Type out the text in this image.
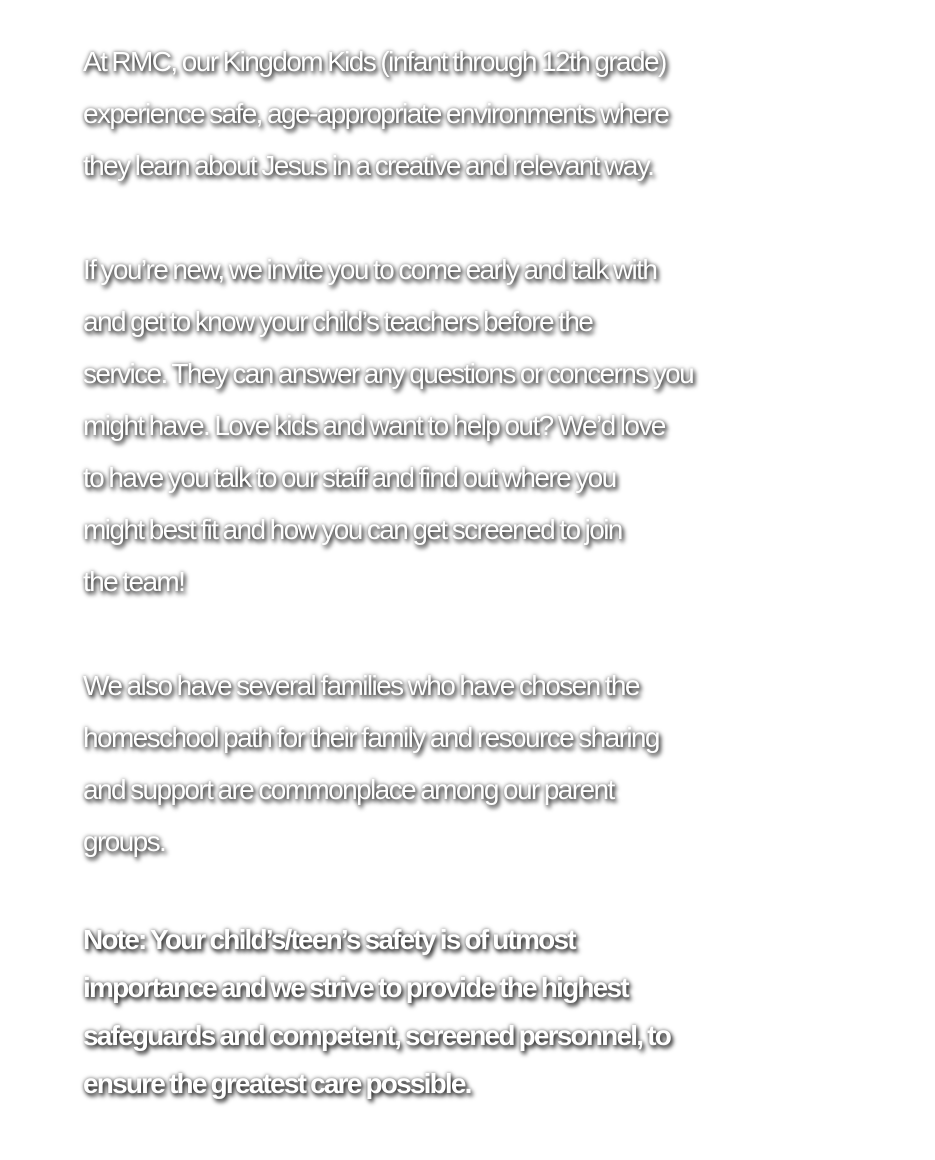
At RMC, our Kingdom Kids (infant through 12th grade)
experience safe, age-appropriate environments where
they learn about Jesus in a creative and relevant way.

If you’re new, we invite you to come early and talk with
and get to know your child’s teachers before the
service. They can answer any questions or concerns you
might have. Love kids and want to help out? We’d love
to have you talk to our staff and find out where you
might best fit and how you can get screened to join
the team!

We also have several families who have chosen the
homeschool path for their family and resource sharing
and support are commonplace among our parent
groups.

Note: Your child’s/teen’s safety is of utmost
importance and we strive to provide the highest
safeguards and competent, screened personnel, to
ensure the greatest care possible.
